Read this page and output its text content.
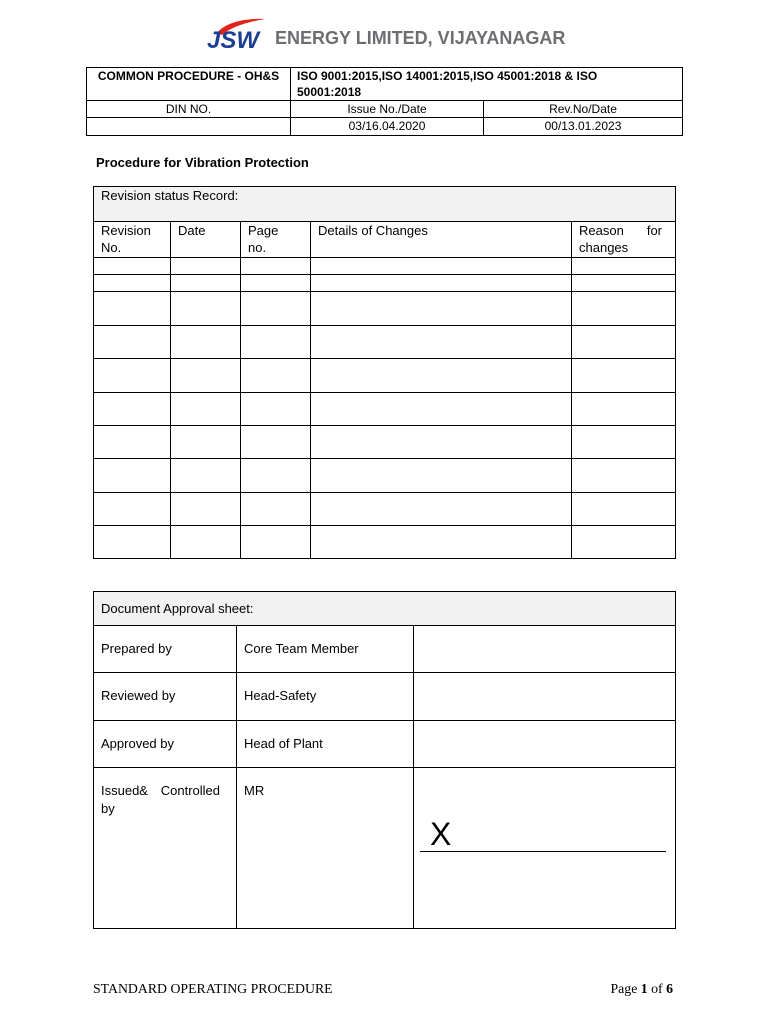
JSW ENERGY LIMITED, VIJAYANAGAR
COMMON PROCEDURE - OH&S	ISO 9001:2015,ISO 14001:2015,ISO 45001:2018 & ISO 50001:2018	

DIN NO.	Issue No./Date	Rev.No/Date
	03/16.04.2020	00/13.01.2023
Procedure for Vibration Protection
Revision status Record:				

Revision No.	Date	Page no.	Details of Changes	Reason for changes

Document Approval sheet:		

Prepared by	Core Team Member	

Reviewed by	Head-Safety	

Approved by	Head of Plant	

Issued& Controlled by	MR	X
STANDARD OPERATING PROCEDURE	Page 1 of 6
